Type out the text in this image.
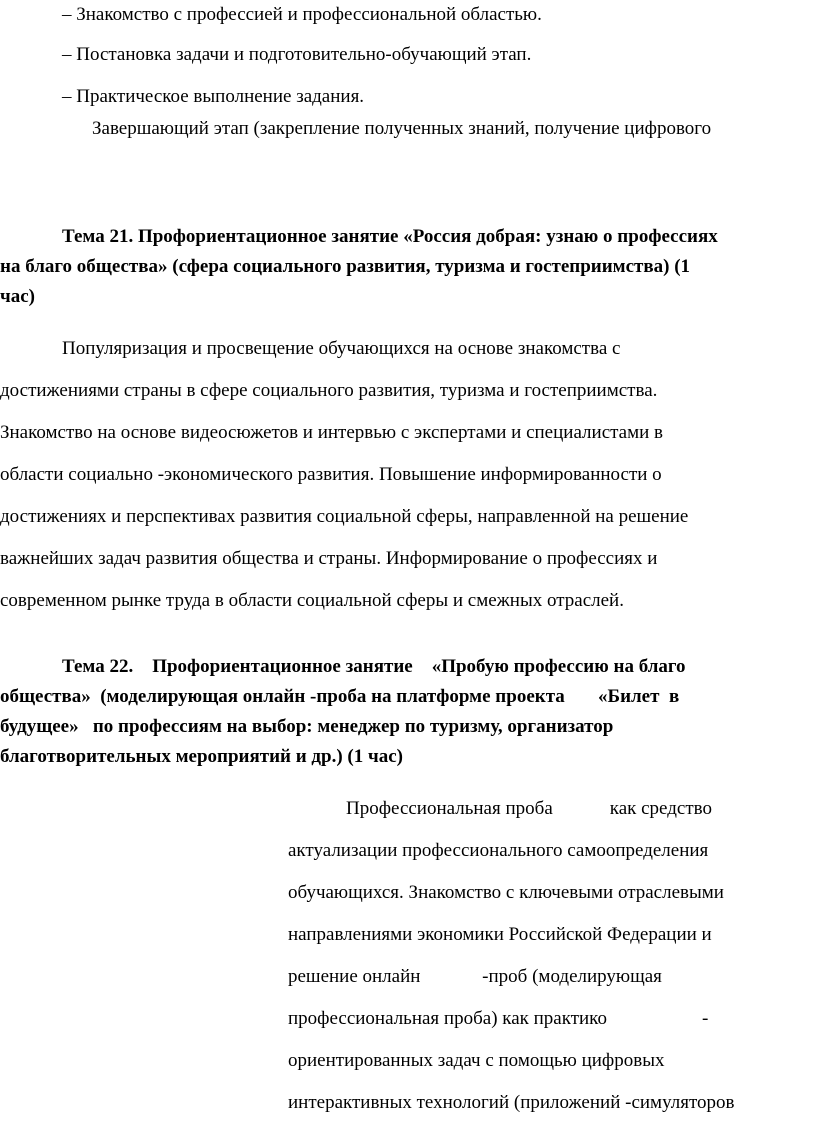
– Знакомство с профессией и профессиональной областью.
– Постановка задачи и подготовительно-обучающий этап.
– Практическое выполнение задания.
Завершающий этап (закрепление полученных знаний, получение цифрового
Тема 21. Профориентационное занятие «Россия добрая: узнаю о профессиях
на благо общества» (сфера социального развития, туризма и гостеприимства) (1
час)
Популяризация и просвещение обучающихся на основе знакомства с
достижениями страны в сфере социального развития, туризма и гостеприимства.
Знакомство на основе видеосюжетов и интервью с экспертами и специалистами в
области социально -экономического развития. Повышение информированности о
достижениях и перспективах развития социальной сферы, направленной на решение
важнейших задач развития общества и страны. Информирование о профессиях и
современном рынке труда в области социальной сферы и смежных отраслей.
Тема 22.    Профориентационное занятие    «Пробую профессию на благо
общества»  (моделирующая онлайн -проба на платформе проекта       «Билет  в
будущее»   по профессиям на выбор: менеджер по туризму, организатор
благотворительных мероприятий и др.) (1 час)
Профессиональная проба            как средство
актуализации профессионального самоопределения
обучающихся. Знакомство с ключевыми отраслевыми
направлениями экономики Российской Федерации и
решение онлайн             -проб (моделирующая
профессиональная проба) как практико                    -
ориентированных задач с помощью цифровых
интерактивных технологий (приложений -симуляторов
